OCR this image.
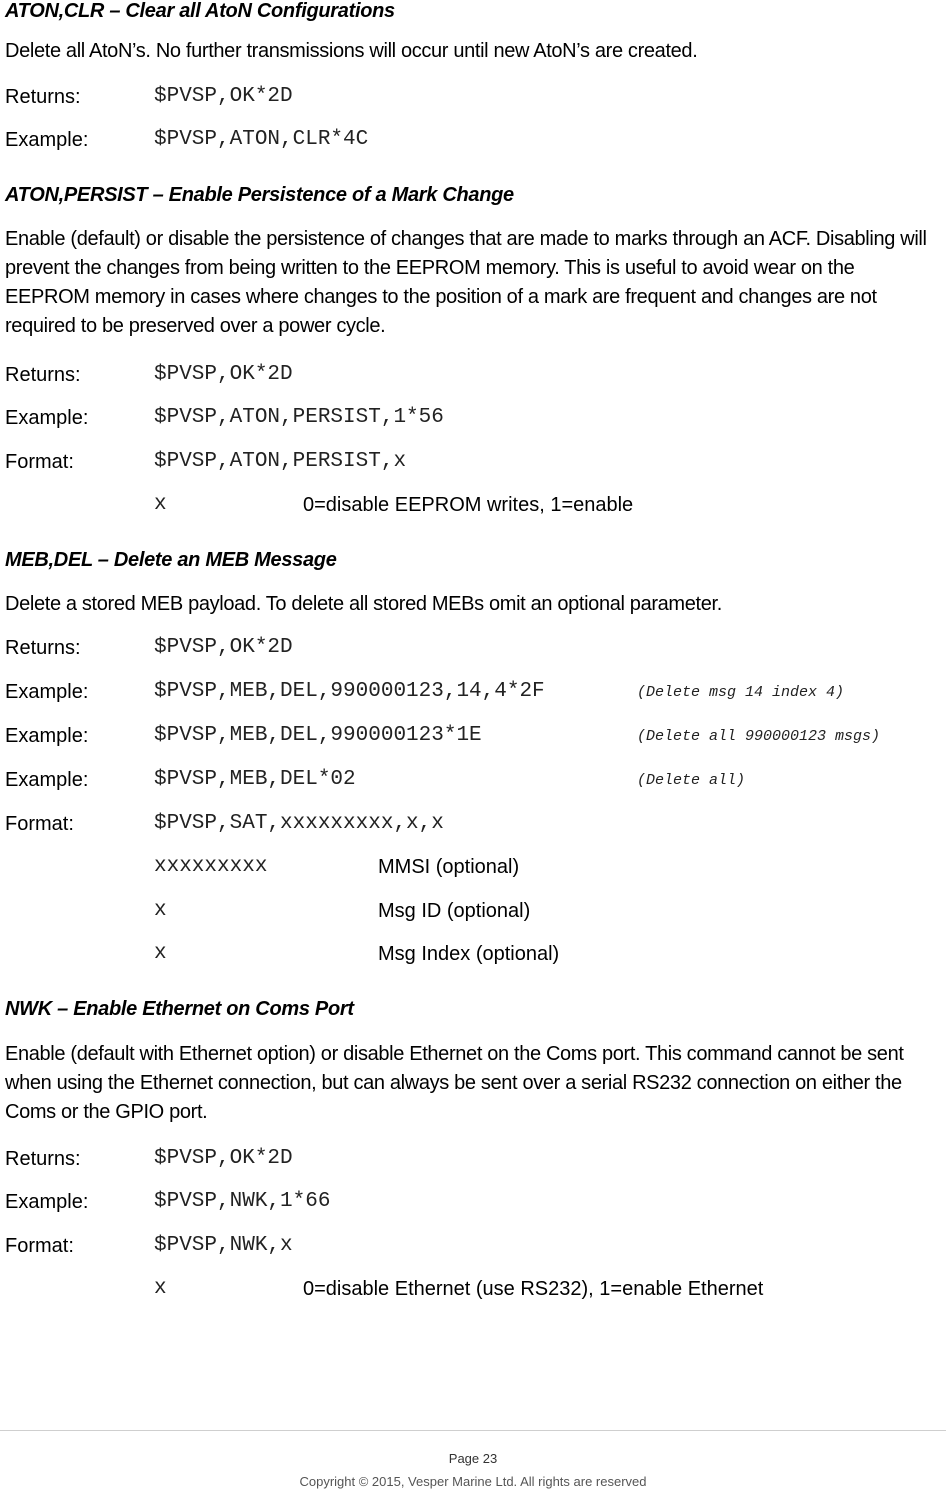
ATON,CLR – Clear all AtoN Configurations

Delete all AtoN’s. No further transmissions will occur until new AtoN’s are created.

Returns:	$PVSP,OK*2D
Example:	$PVSP,ATON,CLR*4C
ATON,PERSIST – Enable Persistence of a Mark Change

Enable (default) or disable the persistence of changes that are made to marks through an ACF. Disabling will prevent the changes from being written to the EEPROM memory. This is useful to avoid wear on the EEPROM memory in cases where changes to the position of a mark are frequent and changes are not required to be preserved over a power cycle.

Returns:	$PVSP,OK*2D
Example:	$PVSP,ATON,PERSIST,1*56
Format:	$PVSP,ATON,PERSIST,x
x	0=disable EEPROM writes, 1=enable
MEB,DEL – Delete an MEB Message

Delete a stored MEB payload. To delete all stored MEBs omit an optional parameter.

Returns:	$PVSP,OK*2D
Example:	$PVSP,MEB,DEL,990000123,14,4*2F	(Delete msg 14 index 4)
Example:	$PVSP,MEB,DEL,990000123*1E	(Delete all 990000123 msgs)
Example:	$PVSP,MEB,DEL*02	(Delete all)
Format:	$PVSP,SAT,xxxxxxxxx,x,x
xxxxxxxxx	MMSI (optional)
x	Msg ID (optional)
x	Msg Index (optional)
NWK – Enable Ethernet on Coms Port

Enable (default with Ethernet option) or disable Ethernet on the Coms port. This command cannot be sent when using the Ethernet connection, but can always be sent over a serial RS232 connection on either the Coms or the GPIO port.

Returns:	$PVSP,OK*2D
Example:	$PVSP,NWK,1*66
Format:	$PVSP,NWK,x
x	0=disable Ethernet (use RS232), 1=enable Ethernet
Page 23
Copyright © 2015, Vesper Marine Ltd. All rights are reserved
